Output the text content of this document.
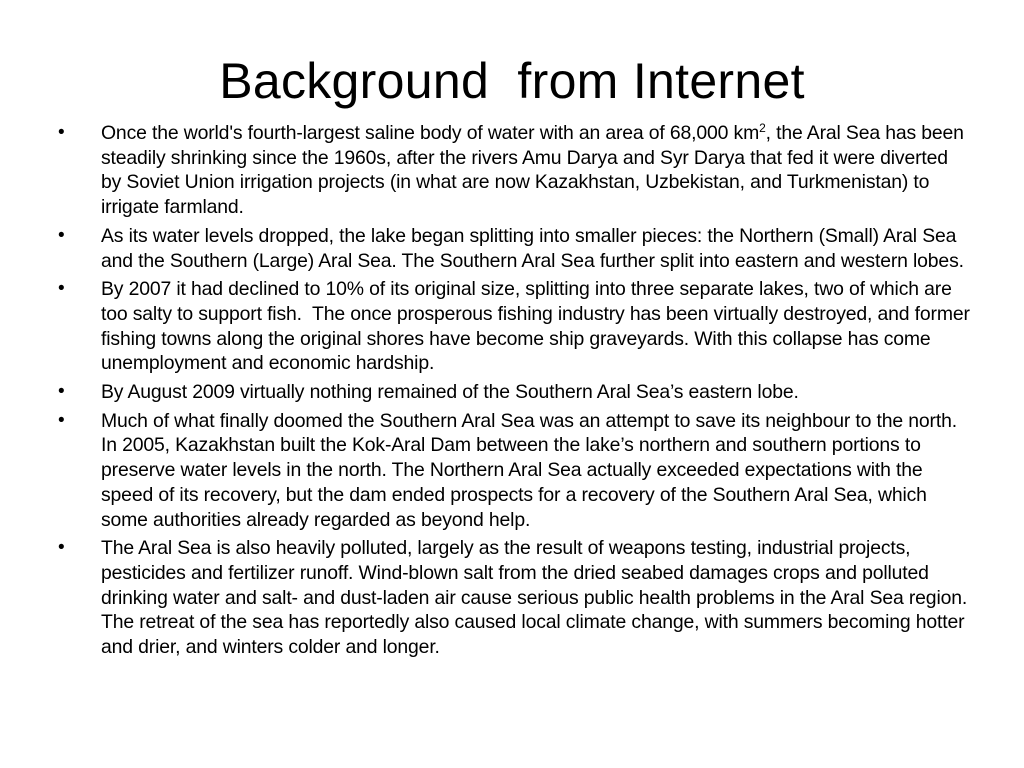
Background  from Internet
•	Once the world's fourth-largest saline body of water with an area of 68,000 $km^2$, the Aral Sea has been steadily shrinking since the 1960s, after the rivers Amu Darya and Syr Darya that fed it were diverted by Soviet Union irrigation projects (in what are now Kazakhstan, Uzbekistan, and Turkmenistan) to irrigate farmland.
•	As its water levels dropped, the lake began splitting into smaller pieces: the Northern (Small) Aral Sea and the Southern (Large) Aral Sea. The Southern Aral Sea further split into eastern and western lobes.
•	By 2007 it had declined to 10% of its original size, splitting into three separate lakes, two of which are too salty to support fish.  The once prosperous fishing industry has been virtually destroyed, and former fishing towns along the original shores have become ship graveyards. With this collapse has come unemployment and economic hardship.
•	By August 2009 virtually nothing remained of the Southern Aral Sea’s eastern lobe.
•	Much of what finally doomed the Southern Aral Sea was an attempt to save its neighbour to the north. In 2005, Kazakhstan built the Kok-Aral Dam between the lake’s northern and southern portions to preserve water levels in the north. The Northern Aral Sea actually exceeded expectations with the speed of its recovery, but the dam ended prospects for a recovery of the Southern Aral Sea, which some authorities already regarded as beyond help.
•	The Aral Sea is also heavily polluted, largely as the result of weapons testing, industrial projects, pesticides and fertilizer runoff. Wind-blown salt from the dried seabed damages crops and polluted drinking water and salt- and dust-laden air cause serious public health problems in the Aral Sea region. The retreat of the sea has reportedly also caused local climate change, with summers becoming hotter and drier, and winters colder and longer.
